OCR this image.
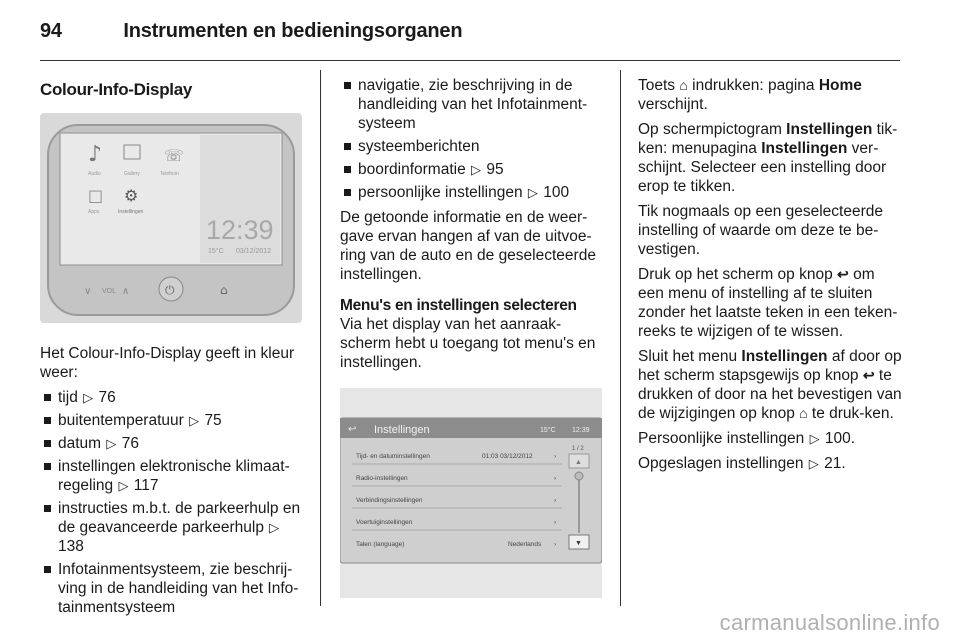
94	Instrumenten en bedieningsorganen
Colour-Info-Display
♪	☏
□ ⚙
Audio	Gallery	Telefoon
Apps	Instellingen
12:39
15°C 03/12/2012
∨ VOL ∧	⏻	⌂

Het Colour-Info-Display geeft in kleur weer:

tijd ▷ 76
buitentemperatuur ▷ 75
datum ▷ 76
instellingen elektronische klimaat-regeling ▷ 117
instructies m.b.t. de parkeerhulp en de geavanceerde parkeerhulp ▷ 138
Infotainmentsysteem, zie beschrij-ving in de handleiding van het Info-tainmentsysteem
navigatie, zie beschrijving in de handleiding van het Infotainment-systeem
systeemberichten
boordinformatie ▷ 95
persoonlijke instellingen ▷ 100

De getoonde informatie en de weer-gave ervan hangen af van de uitvoe-ring van de auto en de geselecteerde instellingen.

Menu's en instellingen selecteren

Via het display van het aanraak-scherm hebt u toegang tot menu's en instellingen.

↩ Instellingen	15°C 12:39
Tijd- en datuminstellingen	01:03 03/12/2012
Radio-instellingen
Verbindingsinstellingen
Voertuiginstellingen
Talen (language)	Nederlands
›
›
›
›
›
1 / 2
▲
▼

Toets ⌂ indrukken: pagina Home verschijnt.

Op schermpictogram Instellingen tik-ken: menupagina Instellingen ver-schijnt. Selecteer een instelling door erop te tikken.

Tik nogmaals op een geselecteerde instelling of waarde om deze te be-vestigen.

Druk op het scherm op knop ↩ om een menu of instelling af te sluiten zonder het laatste teken in een teken-reeks te wijzigen of te wissen.

Sluit het menu Instellingen af door op het scherm stapsgewijs op knop ↩ te drukken of door na het bevestigen van de wijzigingen op knop ⌂ te druk-ken.

Persoonlijke instellingen ▷ 100.

Opgeslagen instellingen ▷ 21.

carmanualsonline.info
